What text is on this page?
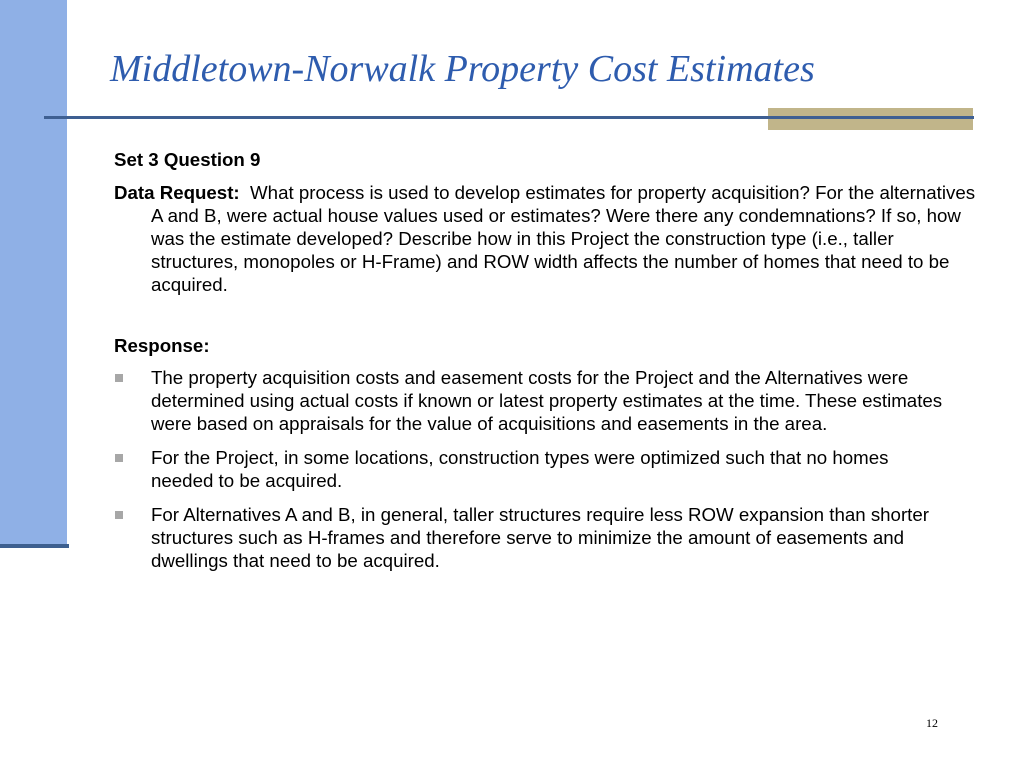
Middletown-Norwalk Property Cost Estimates

Set 3 Question 9

Data Request: What process is used to develop estimates for property acquisition? For the alternatives A and B, were actual house values used or estimates? Were there any condemnations? If so, how was the estimate developed? Describe how in this Project the construction type (i.e., taller structures, monopoles or H-Frame) and ROW width affects the number of homes that need to be acquired.

Response:

The property acquisition costs and easement costs for the Project and the Alternatives were determined using actual costs if known or latest property estimates at the time. These estimates were based on appraisals for the value of acquisitions and easements in the area.
For the Project, in some locations, construction types were optimized such that no homes needed to be acquired.
For Alternatives A and B, in general, taller structures require less ROW expansion than shorter structures such as H-frames and therefore serve to minimize the amount of easements and dwellings that need to be acquired.
12
